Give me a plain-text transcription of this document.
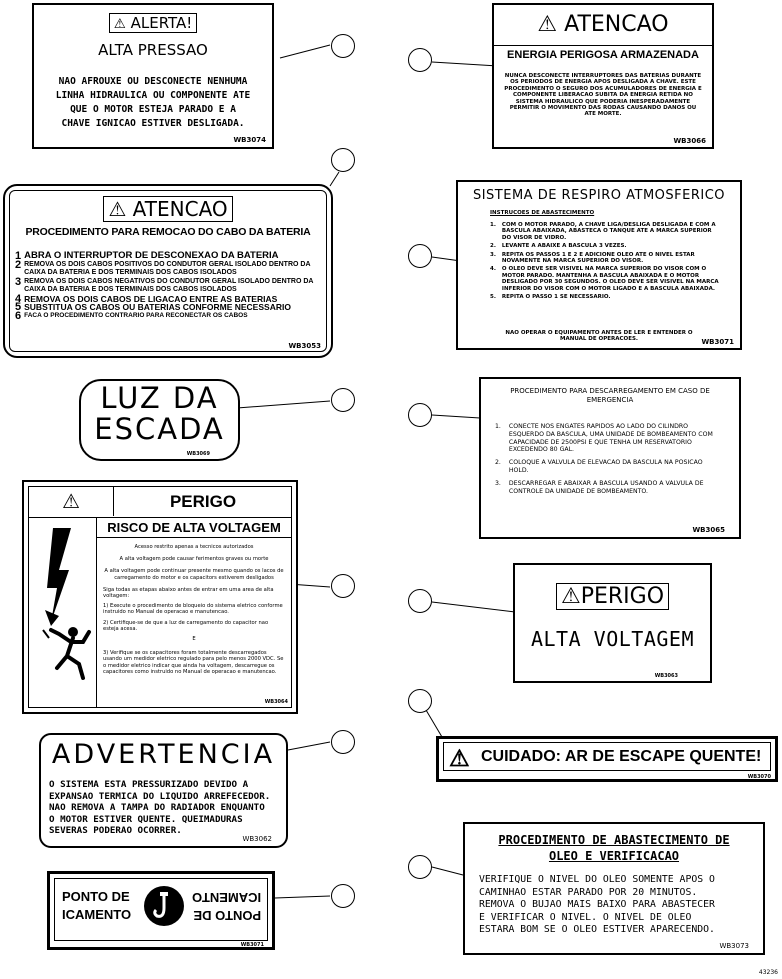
⚠ ALERTA!
ALTA PRESSAO
NAO AFROUXE OU DESCONECTE NENHUMA
LINHA HIDRAULICA OU COMPONENTE ATE
QUE O MOTOR ESTEJA PARADO E A
CHAVE IGNICAO ESTIVER DESLIGADA.
WB3074
⚠ ATENCAO
ENERGIA PERIGOSA ARMAZENADA
NUNCA DESCONECTE INTERRUPTORES DAS BATERIAS DURANTE
OS PERIODOS DE ENERGIA APOS DESLIGADA A CHAVE. ESTE
PROCEDIMENTO O SEGURO DOS ACUMULADORES DE ENERGIA E
COMPONENTE LIBERACAO SUBITA DA ENERGIA RETIDA NO
SISTEMA HIDRAULICO QUE PODERIA INESPERADAMENTE
PERMITIR O MOVIMENTO DAS RODAS CAUSANDO DANOS OU
ATE MORTE.
WB3066
⚠ ATENCAO
PROCEDIMENTO PARA REMOCAO DO CABO DA BATERIA
1 ABRA O INTERRUPTOR DE DESCONEXAO DA BATERIA
2 REMOVA OS DOIS CABOS POSITIVOS DO CONDUTOR GERAL ISOLADO DENTRO DA CAIXA DA BATERIA E DOS TERMINAIS DOS CABOS ISOLADOS
3 REMOVA OS DOIS CABOS NEGATIVOS DO CONDUTOR GERAL ISOLADO DENTRO DA CAIXA DA BATERIA E DOS TERMINAIS DOS CABOS ISOLADOS
4 REMOVA OS DOIS CABOS DE LIGACAO ENTRE AS BATERIAS
5 SUBSTITUA OS CABOS OU BATERIAS CONFORME NECESSARIO
6 FACA O PROCEDIMENTO CONTRARIO PARA RECONECTAR OS CABOS
WB3053
SISTEMA DE RESPIRO ATMOSFERICO
INSTRUCOES DE ABASTECIMENTO
1. COM O MOTOR PARADO, A CHAVE LIGA/DESLIGA DESLIGADA E COM A BASCULA ABAIXADA, ABASTECA O TANQUE ATE A MARCA SUPERIOR DO VISOR DE VIDRO.
2. LEVANTE A ABAIXE A BASCULA 3 VEZES.
3. REPITA OS PASSOS 1 E 2 E ADICIONE OLEO ATE O NIVEL ESTAR NOVAMENTE NA MARCA SUPERIOR DO VISOR.
4. O OLEO DEVE SER VISIVEL NA MARCA SUPERIOR DO VISOR COM O MOTOR PARADO. MANTENHA A BASCULA ABAIXADA E O MOTOR DESLIGADO POR 30 SEGUNDOS. O OLEO DEVE SER VISIVEL NA MARCA INFERIOR DO VISOR COM O MOTOR LIGADO E A BASCULA ABAIXADA.
5. REPITA O PASSO 1 SE NECESSARIO.
NAO OPERAR O EQUIPAMENTO ANTES DE LER E ENTENDER O
MANUAL DE OPERACOES.	WB3071
LUZ DA
ESCADA
WB3069
PROCEDIMENTO PARA DESCARREGAMENTO EM CASO DE
EMERGENCIA
1. CONECTE NOS ENGATES RAPIDOS AO LADO DO CILINDRO ESQUERDO DA BASCULA, UMA UNIDADE DE BOMBEAMENTO COM CAPACIDADE DE 2500PSI E QUE TENHA UM RESERVATORIO EXCEDENDO 80 GAL.
2. COLOQUE A VALVULA DE ELEVACAO DA BASCULA NA POSICAO HOLD.
3. DESCARREGAR E ABAIXAR A BASCULA USANDO A VALVULA DE CONTROLE DA UNIDADE DE BOMBEAMENTO.
WB3065
⚠	PERIGO
RISCO DE ALTA VOLTAGEM
Acesso restrito apenas a tecnicos autorizados
A alta voltagem pode causar ferimentos graves ou morte
A alta voltagem pode continuar presente mesmo quando os lacos de carregamento do motor e os capacitors estiverem desligados
Siga todas as etapas abaixo antes de entrar em uma area de alta voltagem:
1) Execute o procedimento de bloqueio do sistema eletrico conforme instruido no Manual de operacao e manutencao.
2) Certifique-se de que a luz de carregamento do capacitor nao esteja acesa.
E
3) Verifique se os capacitores foram totalmente descarregados usando um medidor eletrico regulado para pelo menos 2000 VDC. Se o medidor eletrico indicar que ainda ha voltagem, descarregue os capacitores como instruido no Manual de operacao e manutencao.
WB3064
⚠PERIGO
ALTA VOLTAGEM
WB3063
ADVERTENCIA
O SISTEMA ESTA PRESSURIZADO DEVIDO A
EXPANSAO TERMICA DO LIQUIDO ARREFECEDOR.
NAO REMOVA A TAMPA DO RADIADOR ENQUANTO
O MOTOR ESTIVER QUENTE. QUEIMADURAS
SEVERAS PODERAO OCORRER.
WB3062
⚠ CUIDADO: AR DE ESCAPE QUENTE!
WB3070
PROCEDIMENTO DE ABASTECIMENTO DE
OLEO E VERIFICACAO
VERIFIQUE O NIVEL DO OLEO SOMENTE APOS O
CAMINHAO ESTAR PARADO POR 20 MINUTOS.
REMOVA O BUJAO MAIS BAIXO PARA ABASTECER
E VERIFICAR O NIVEL. O NIVEL DE OLEO
ESTARA BOM SE O OLEO ESTIVER APARECENDO.
WB3073
PONTO DE
ICAMENTO	PONTO DE
ICAMENTO
WB3071
43236
